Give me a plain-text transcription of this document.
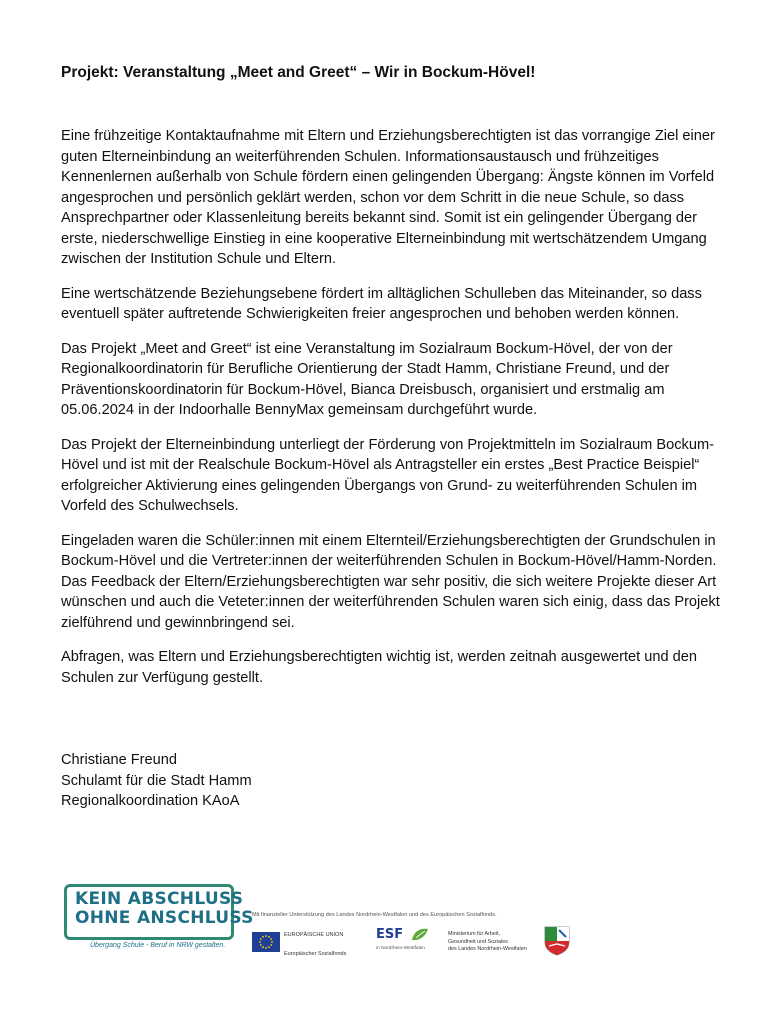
Projekt: Veranstaltung „Meet and Greet“ – Wir in Bockum-Hövel!

Eine frühzeitige Kontaktaufnahme mit Eltern und Erziehungsberechtigten ist das vorrangige Ziel einer guten Elterneinbindung an weiterführenden Schulen. Informationsaustausch und frühzeitiges Kennenlernen außerhalb von Schule fördern einen gelingenden Übergang: Ängste können im Vorfeld angesprochen und persönlich geklärt werden, schon vor dem Schritt in die neue Schule, so dass Ansprechpartner oder Klassenleitung bereits bekannt sind. Somit ist ein gelingender Übergang der erste, niederschwellige Einstieg in eine kooperative Elterneinbindung mit wertschätzendem Umgang zwischen der Institution Schule und Eltern.

Eine wertschätzende Beziehungsebene fördert im alltäglichen Schulleben das Miteinander, so dass eventuell später auftretende Schwierigkeiten freier angesprochen und behoben werden können.

Das Projekt „Meet and Greet“ ist eine Veranstaltung im Sozialraum Bockum-Hövel, der von der Regionalkoordinatorin für Berufliche Orientierung der Stadt Hamm, Christiane Freund, und der Präventionskoordinatorin für Bockum-Hövel, Bianca Dreisbusch, organisiert und erstmalig am 05.06.2024 in der Indoorhalle BennyMax gemeinsam durchgeführt wurde.

Das Projekt der Elterneinbindung unterliegt der Förderung von Projektmitteln im Sozialraum Bockum-Hövel und ist mit der Realschule Bockum-Hövel als Antragsteller ein erstes „Best Practice Beispiel“ erfolgreicher Aktivierung eines gelingenden Übergangs von Grund- zu weiterführenden Schulen im Vorfeld des Schulwechsels.

Eingeladen waren die Schüler:innen mit einem Elternteil/Erziehungsberechtigten der Grundschulen in Bockum-Hövel und die Vertreter:innen der weiterführenden Schulen in Bockum-Hövel/Hamm-Norden. Das Feedback der Eltern/Erziehungsberechtigten war sehr positiv, die sich weitere Projekte dieser Art wünschen und auch die Veteter:innen der weiterführenden Schulen waren sich einig, dass das Projekt zielführend und gewinnbringend sei.

Abfragen, was Eltern und Erziehungsberechtigten wichtig ist, werden zeitnah ausgewertet und den Schulen zur Verfügung gestellt.

Christiane Freund
Schulamt für die Stadt Hamm
Regionalkoordination KAoA
KEIN ABSCHLUSS
OHNE ANSCHLUSS
Übergang Schule - Beruf in NRW gestalten.
Mit finanzieller Unterstützung des Landes Nordrhein-Westfalen und des Europäischen Sozialfonds.
EUROPÄISCHE UNION
Europäischer Sozialfonds
ESF
in Nordrhein-Westfalen
Ministerium für Arbeit,
Gesundheit und Soziales
des Landes Nordrhein-Westfalen
